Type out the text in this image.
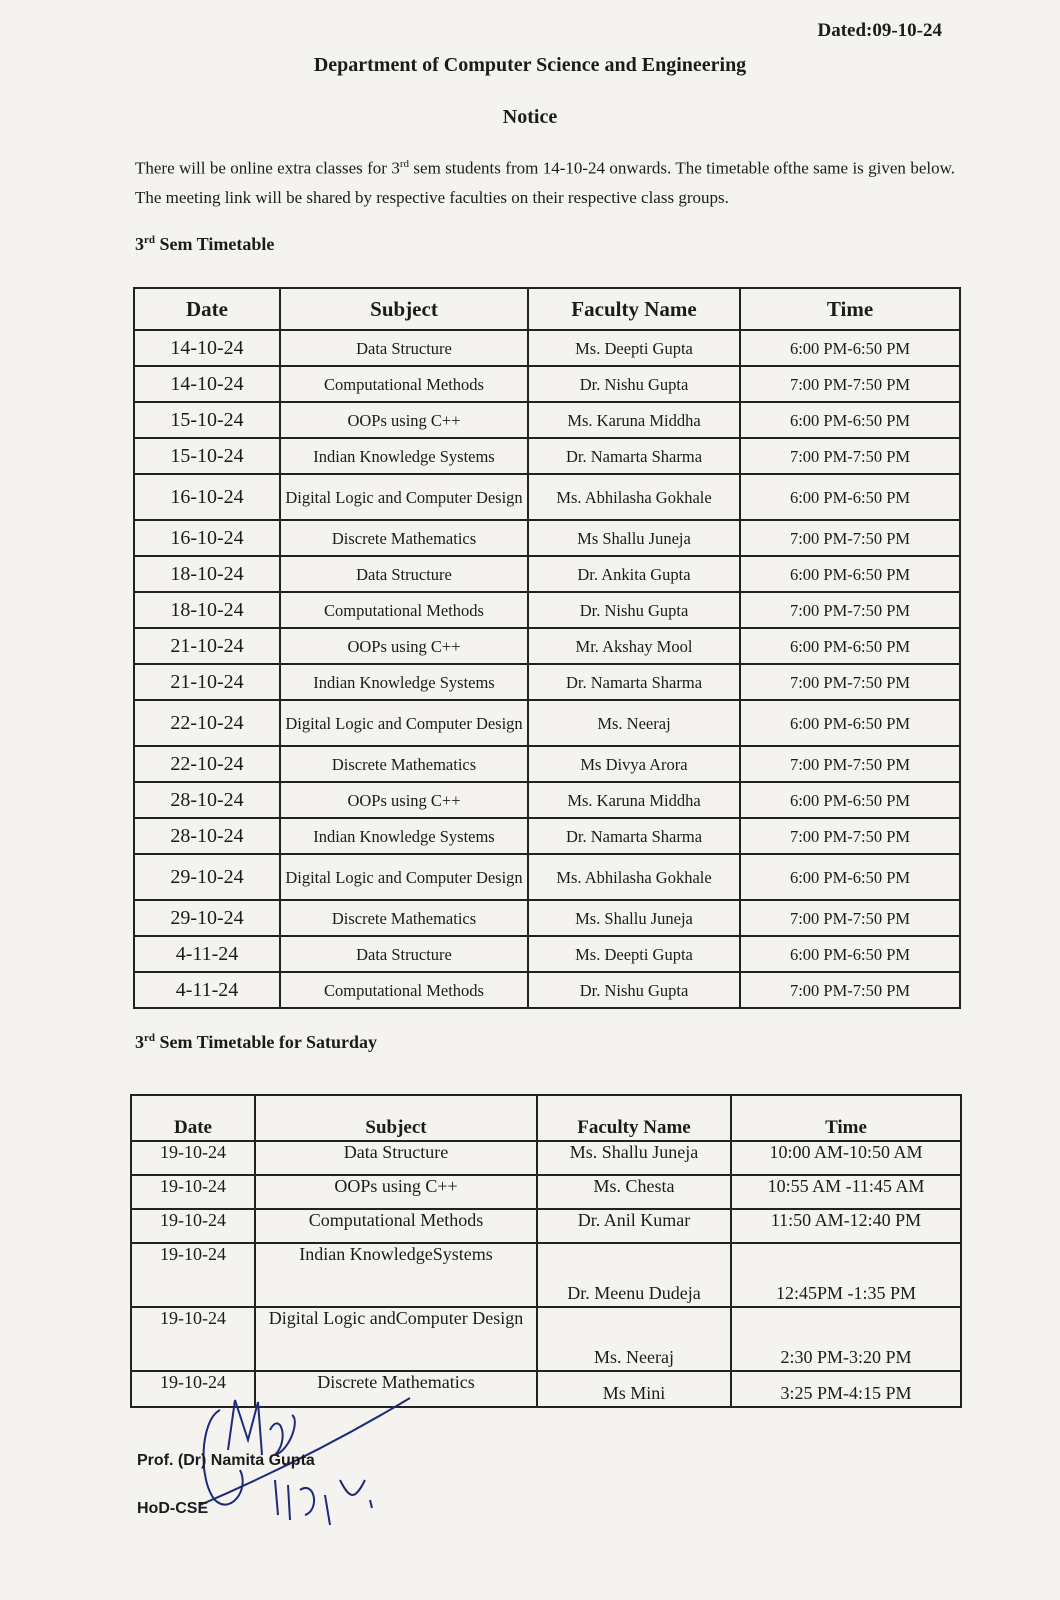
Dated:09-10-24
Department of Computer Science and Engineering
Notice
There will be online extra classes for 3rd sem students from 14-10-24 onwards. The timetable ofthe same is given below. The meeting link will be shared by respective faculties on their respective class groups.
3rd Sem Timetable
Date	Subject	Faculty Name	Time
14-10-24	Data Structure	Ms. Deepti Gupta	6:00 PM-6:50 PM
14-10-24	Computational Methods	Dr. Nishu Gupta	7:00 PM-7:50 PM
15-10-24	OOPs using C++	Ms. Karuna Middha	6:00 PM-6:50 PM
15-10-24	Indian Knowledge Systems	Dr. Namarta Sharma	7:00 PM-7:50 PM
16-10-24	Digital Logic and Computer Design	Ms. Abhilasha Gokhale	6:00 PM-6:50 PM
16-10-24	Discrete Mathematics	Ms Shallu Juneja	7:00 PM-7:50 PM
18-10-24	Data Structure	Dr. Ankita Gupta	6:00 PM-6:50 PM
18-10-24	Computational Methods	Dr. Nishu Gupta	7:00 PM-7:50 PM
21-10-24	OOPs using C++	Mr. Akshay Mool	6:00 PM-6:50 PM
21-10-24	Indian Knowledge Systems	Dr. Namarta Sharma	7:00 PM-7:50 PM
22-10-24	Digital Logic and Computer Design	Ms. Neeraj	6:00 PM-6:50 PM
22-10-24	Discrete Mathematics	Ms Divya Arora	7:00 PM-7:50 PM
28-10-24	OOPs using C++	Ms. Karuna Middha	6:00 PM-6:50 PM
28-10-24	Indian Knowledge Systems	Dr. Namarta Sharma	7:00 PM-7:50 PM
29-10-24	Digital Logic and Computer Design	Ms. Abhilasha Gokhale	6:00 PM-6:50 PM
29-10-24	Discrete Mathematics	Ms. Shallu Juneja	7:00 PM-7:50 PM
4-11-24	Data Structure	Ms. Deepti Gupta	6:00 PM-6:50 PM
4-11-24	Computational Methods	Dr. Nishu Gupta	7:00 PM-7:50 PM
3rd Sem Timetable for Saturday
Date	Subject	Faculty Name	Time
19-10-24	Data Structure	Ms. Shallu Juneja	10:00 AM-10:50 AM
19-10-24	OOPs using C++	Ms. Chesta	10:55 AM -11:45 AM
19-10-24	Computational Methods	Dr. Anil Kumar	11:50 AM-12:40 PM
19-10-24	Indian KnowledgeSystems	Dr. Meenu Dudeja	12:45PM -1:35 PM
19-10-24	Digital Logic andComputer Design	Ms. Neeraj	2:30 PM-3:20 PM
19-10-24	Discrete Mathematics	Ms Mini	3:25 PM-4:15 PM
Prof. (Dr) Namita Gupta
HoD-CSE
